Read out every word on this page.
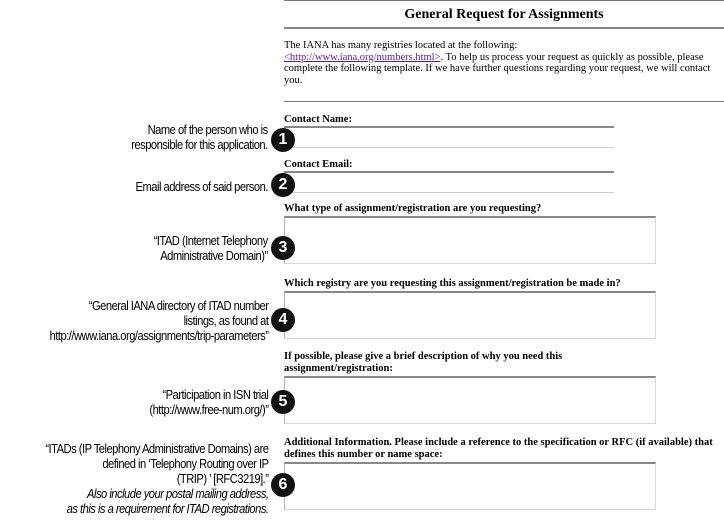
General Request for Assignments
The IANA has many registries located at the following:
<http://www.iana.org/numbers.html>. To help us process your request as quickly as possible, please complete the following template. If we have further questions regarding your request, we will contact you.
Contact Name:
Contact Email:
What type of assignment/registration are you requesting?
Which registry are you requesting this assignment/registration be made in?
If possible, please give a brief description of why you need this assignment/registration:
Additional Information. Please include a reference to the specification or RFC (if available) that defines this number or name space:
Name of the person who is
responsible for this application. 1
Email address of said person. 2
“ITAD (Internet Telephony
Administrative Domain)” 3
“General IANA directory of ITAD number
listings, as found at
http://www.iana.org/assignments/trip-parameters”
4
“Participation in ISN trial
(http://www.free-num.org/)” 5
“ITADs (IP Telephony Administrative Domains) are
defined in ‘Telephony Routing over IP
(TRIP) ’ [RFC3219].”
Also include your postal mailing address,
as this is a requirement for ITAD registrations.
6
